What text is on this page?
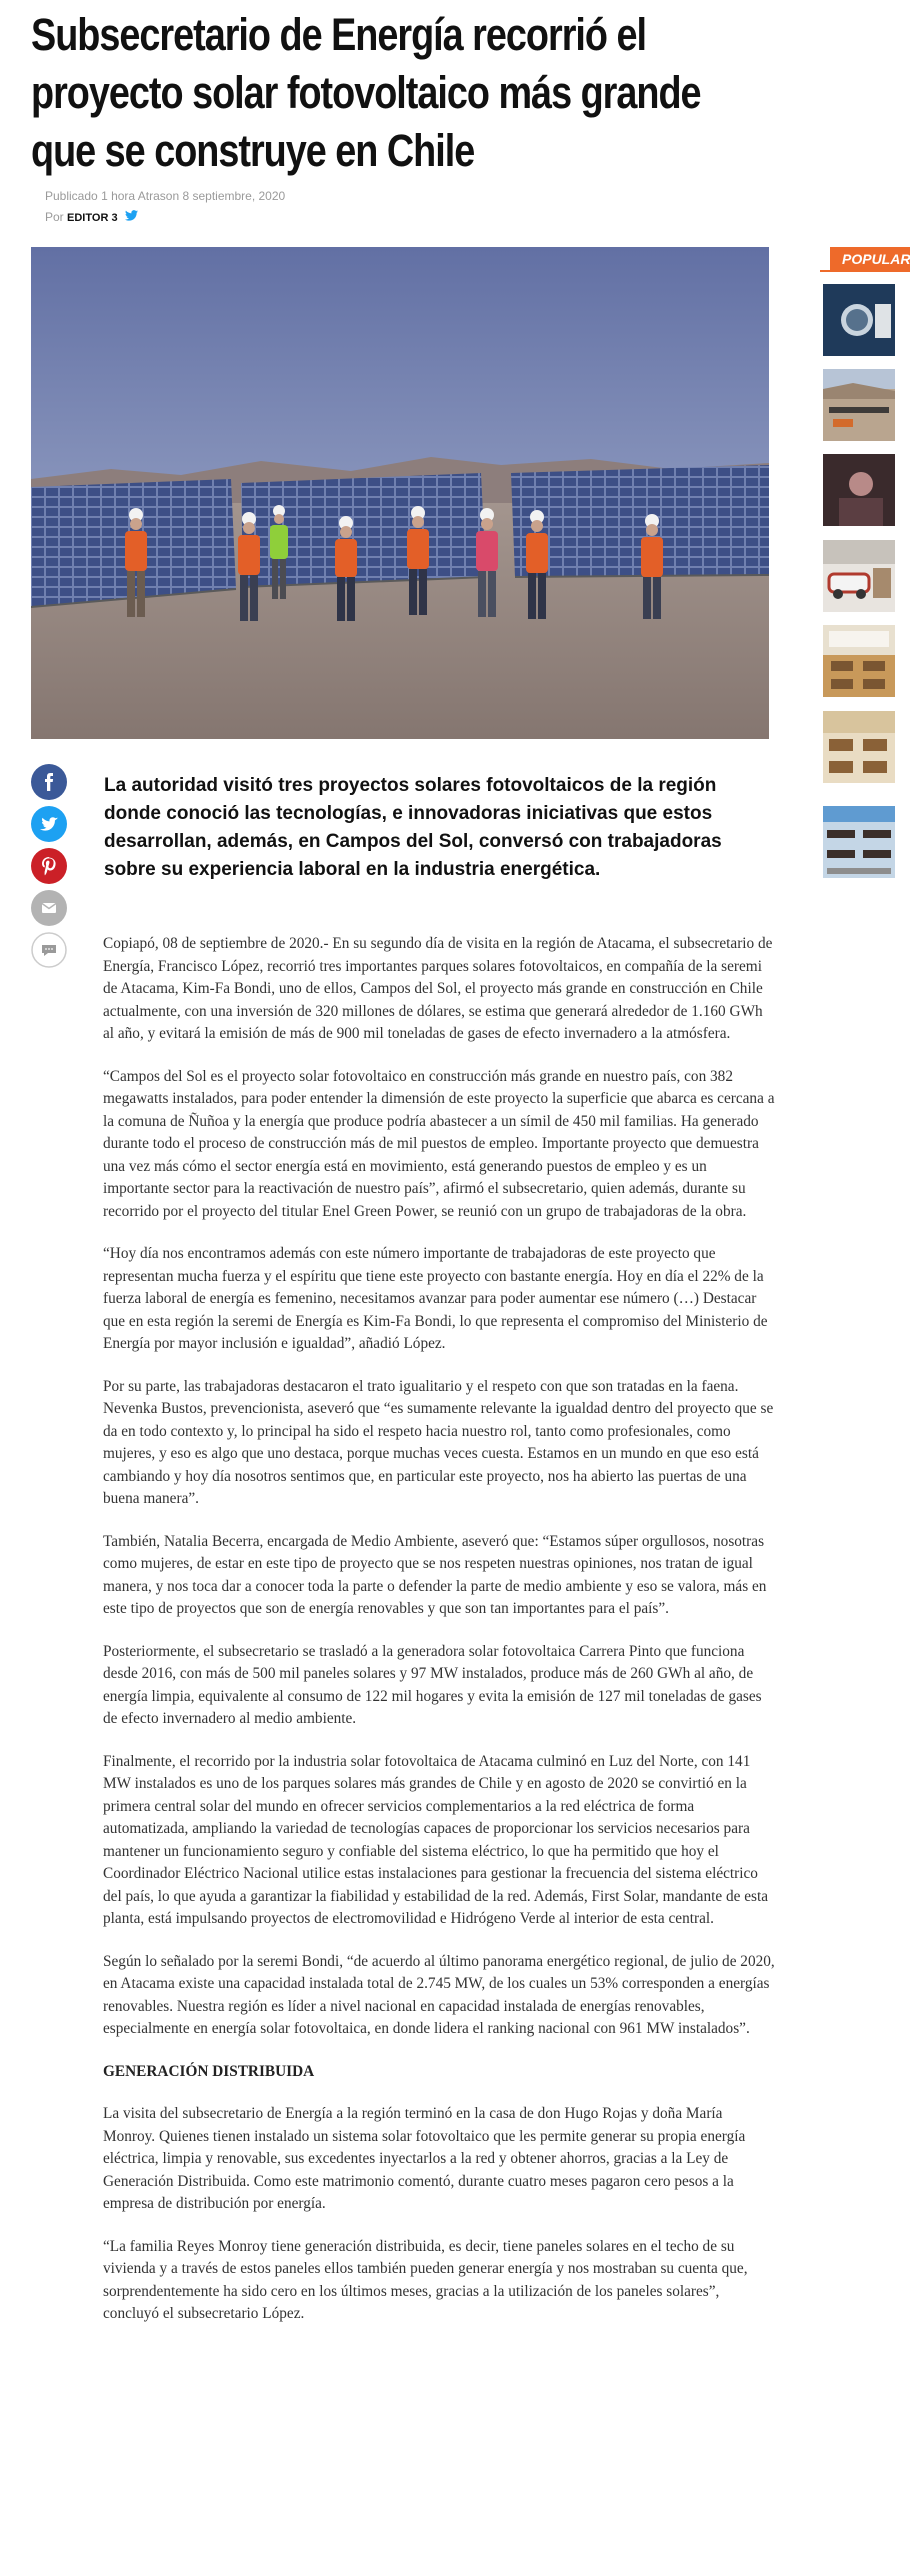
Subsecretario de Energía recorrió el proyecto solar fotovoltaico más grande que se construye en Chile
Publicado 1 hora Atrason 8 septiembre, 2020
Por EDITOR 3
La autoridad visitó tres proyectos solares fotovoltaicos de la región donde conoció las tecnologías, e innovadoras iniciativas que estos desarrollan, además, en Campos del Sol, conversó con trabajadoras sobre su experiencia laboral en la industria energética.

Copiapó, 08 de septiembre de 2020.- En su segundo día de visita en la región de Atacama, el subsecretario de Energía, Francisco López, recorrió tres importantes parques solares fotovoltaicos, en compañía de la seremi de Atacama, Kim-Fa Bondi, uno de ellos, Campos del Sol, el proyecto más grande en construcción en Chile actualmente, con una inversión de 320 millones de dólares, se estima que generará alrededor de 1.160 GWh al año, y evitará la emisión de más de 900 mil toneladas de gases de efecto invernadero a la atmósfera.

“Campos del Sol es el proyecto solar fotovoltaico en construcción más grande en nuestro país, con 382 megawatts instalados, para poder entender la dimensión de este proyecto la superficie que abarca es cercana a la comuna de Ñuñoa y la energía que produce podría abastecer a un símil de 450 mil familias. Ha generado durante todo el proceso de construcción más de mil puestos de empleo. Importante proyecto que demuestra una vez más cómo el sector energía está en movimiento, está generando puestos de empleo y es un importante sector para la reactivación de nuestro país”, afirmó el subsecretario, quien además, durante su recorrido por el proyecto del titular Enel Green Power, se reunió con un grupo de trabajadoras de la obra.

“Hoy día nos encontramos además con este número importante de trabajadoras de este proyecto que representan mucha fuerza y el espíritu que tiene este proyecto con bastante energía. Hoy en día el 22% de la fuerza laboral de energía es femenino, necesitamos avanzar para poder aumentar ese número (…) Destacar que en esta región la seremi de Energía es Kim-Fa Bondi, lo que representa el compromiso del Ministerio de Energía por mayor inclusión e igualdad”, añadió López.

Por su parte, las trabajadoras destacaron el trato igualitario y el respeto con que son tratadas en la faena. Nevenka Bustos, prevencionista, aseveró que “es sumamente relevante la igualdad dentro del proyecto que se da en todo contexto y, lo principal ha sido el respeto hacia nuestro rol, tanto como profesionales, como mujeres, y eso es algo que uno destaca, porque muchas veces cuesta. Estamos en un mundo en que eso está cambiando y hoy día nosotros sentimos que, en particular este proyecto, nos ha abierto las puertas de una buena manera”.

También, Natalia Becerra, encargada de Medio Ambiente, aseveró que: “Estamos súper orgullosos, nosotras como mujeres, de estar en este tipo de proyecto que se nos respeten nuestras opiniones, nos tratan de igual manera, y nos toca dar a conocer toda la parte o defender la parte de medio ambiente y eso se valora, más en este tipo de proyectos que son de energía renovables y que son tan importantes para el país”.

Posteriormente, el subsecretario se trasladó a la generadora solar fotovoltaica Carrera Pinto que funciona desde 2016, con más de 500 mil paneles solares y 97 MW instalados, produce más de 260 GWh al año, de energía limpia, equivalente al consumo de 122 mil hogares y evita la emisión de 127 mil toneladas de gases de efecto invernadero al medio ambiente.

Finalmente, el recorrido por la industria solar fotovoltaica de Atacama culminó en Luz del Norte, con 141 MW instalados es uno de los parques solares más grandes de Chile y en agosto de 2020 se convirtió en la primera central solar del mundo en ofrecer servicios complementarios a la red eléctrica de forma automatizada, ampliando la variedad de tecnologías capaces de proporcionar los servicios necesarios para mantener un funcionamiento seguro y confiable del sistema eléctrico, lo que ha permitido que hoy el Coordinador Eléctrico Nacional utilice estas instalaciones para gestionar la frecuencia del sistema eléctrico del país, lo que ayuda a garantizar la fiabilidad y estabilidad de la red. Además, First Solar, mandante de esta planta, está impulsando proyectos de electromovilidad e Hidrógeno Verde al interior de esta central.

Según lo señalado por la seremi Bondi, “de acuerdo al último panorama energético regional, de julio de 2020, en Atacama existe una capacidad instalada total de 2.745 MW, de los cuales un 53% corresponden a energías renovables. Nuestra región es líder a nivel nacional en capacidad instalada de energías renovables, especialmente en energía solar fotovoltaica, en donde lidera el ranking nacional con 961 MW instalados”.

GENERACIÓN DISTRIBUIDA

La visita del subsecretario de Energía a la región terminó en la casa de don Hugo Rojas y doña María Monroy. Quienes tienen instalado un sistema solar fotovoltaico que les permite generar su propia energía eléctrica, limpia y renovable, sus excedentes inyectarlos a la red y obtener ahorros, gracias a la Ley de Generación Distribuida. Como este matrimonio comentó, durante cuatro meses pagaron cero pesos a la empresa de distribución por energía.

“La familia Reyes Monroy tiene generación distribuida, es decir, tiene paneles solares en el techo de su vivienda y a través de estos paneles ellos también pueden generar energía y nos mostraban su cuenta que, sorprendentemente ha sido cero en los últimos meses, gracias a la utilización de los paneles solares”, concluyó el subsecretario López.

POPULAR
